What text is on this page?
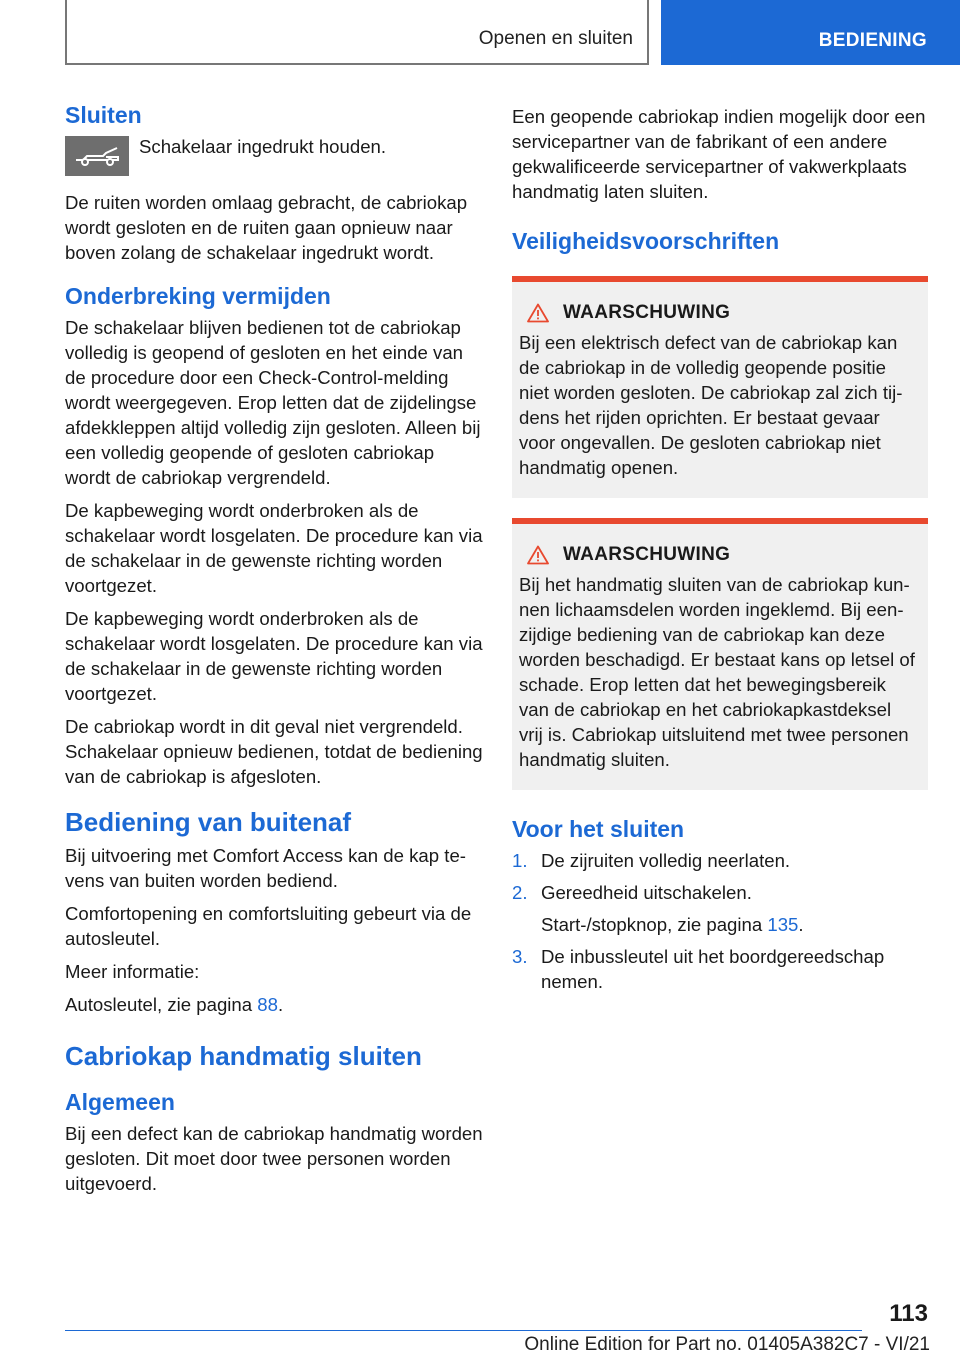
Openen en sluiten	BEDIENING
Sluiten

Schakelaar ingedrukt houden.

De ruiten worden omlaag gebracht, de cabriokap wordt gesloten en de ruiten gaan opnieuw naar boven zolang de schakelaar ingedrukt wordt.

Onderbreking vermijden

De schakelaar blijven bedienen tot de cabriokap volledig is geopend of gesloten en het einde van de procedure door een Check-Control-melding wordt weergegeven. Erop letten dat de zijdelingse afdekkleppen altijd volledig zijn gesloten. Alleen bij een volledig geopende of gesloten cabriokap wordt de cabriokap vergrendeld.

De kapbeweging wordt onderbroken als de schakelaar wordt losgelaten. De procedure kan via de schakelaar in de gewenste richting worden voortgezet.

De kapbeweging wordt onderbroken als de schakelaar wordt losgelaten. De procedure kan via de schakelaar in de gewenste richting worden voortgezet.

De cabriokap wordt in dit geval niet vergrendeld. Schakelaar opnieuw bedienen, totdat de bediening van de cabriokap is afgesloten.

Bediening van buitenaf

Bij uitvoering met Comfort Access kan de kap tevens van buiten worden bediend.

Comfortopening en comfortsluiting gebeurt via de autosleutel.

Meer informatie:

Autosleutel, zie pagina 88.

Cabriokap handmatig sluiten
Algemeen

Bij een defect kan de cabriokap handmatig worden gesloten. Dit moet door twee personen worden uitgevoerd.

Een geopende cabriokap indien mogelijk door een servicepartner van de fabrikant of een andere gekwalificeerde servicepartner of vakwerkplaats handmatig laten sluiten.

Veiligheidsvoorschriften
WAARSCHUWING

Bij een elektrisch defect van de cabriokap kan de cabriokap in de volledig geopende positie niet worden gesloten. De cabriokap zal zich tijdens het rijden oprichten. Er bestaat gevaar voor ongevallen. De gesloten cabriokap niet handmatig openen.

WAARSCHUWING

Bij het handmatig sluiten van de cabriokap kunnen lichaamsdelen worden ingeklemd. Bij eenzijdige bediening van de cabriokap kan deze worden beschadigd. Er bestaat kans op letsel of schade. Erop letten dat het bewegingsbereik van de cabriokap en het cabriokapkastdeksel vrij is. Cabriokap uitsluitend met twee personen handmatig sluiten.

Voor het sluiten
1. De zijruiten volledig neerlaten.
2. Gereedheid uitschakelen.
Start-/stopknop, zie pagina 135.
3. De inbussleutel uit het boordgereedschap nemen.
113
Online Edition for Part no. 01405A382C7 - VI/21
